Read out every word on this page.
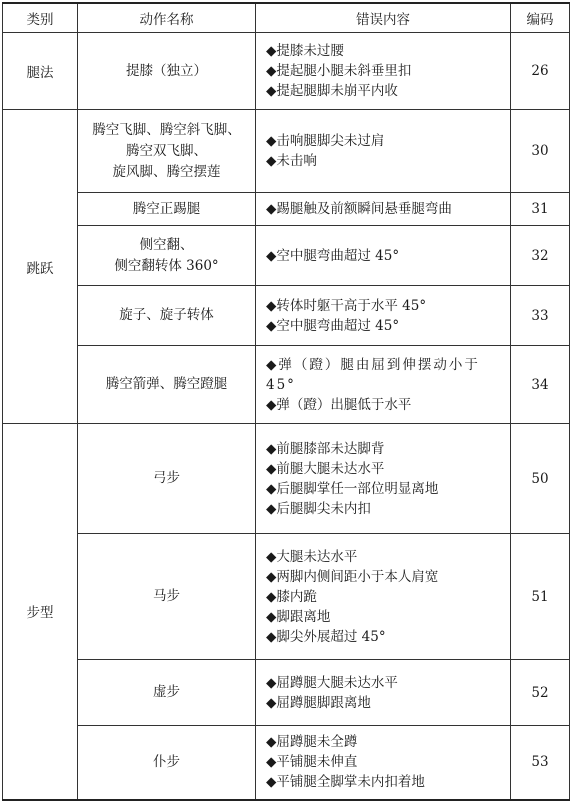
类别	动作名称	错误内容	编码
腿法	提膝（独立）	◆提膝未过腰
◆提起腿小腿未斜垂里扣
◆提起腿脚未崩平内收	26
跳跃	腾空飞脚、腾空斜飞脚、
腾空双飞脚、
旋风脚、腾空摆莲	◆击响腿脚尖未过肩
◆未击响	30

	腾空正踢腿	◆踢腿触及前额瞬间悬垂腿弯曲	31

	侧空翻、
侧空翻转体 360°	◆空中腿弯曲超过 45°	32

	旋子、旋子转体	◆转体时躯干高于水平 45°
◆空中腿弯曲超过 45°	33

	腾空箭弹、腾空蹬腿	◆弹（蹬）腿由屈到伸摆动小于 45°
◆弹（蹬）出腿低于水平	34
步型	弓步	◆前腿膝部未达脚背
◆前腿大腿未达水平
◆后腿脚掌任一部位明显离地
◆后腿脚尖未内扣	50

	马步	◆大腿未达水平
◆两脚内侧间距小于本人肩宽
◆膝内跪
◆脚跟离地
◆脚尖外展超过 45°	51

	虚步	◆屈蹲腿大腿未达水平
◆屈蹲腿脚跟离地	52

	仆步	◆屈蹲腿未全蹲
◆平铺腿未伸直
◆平铺腿全脚掌未内扣着地	53
